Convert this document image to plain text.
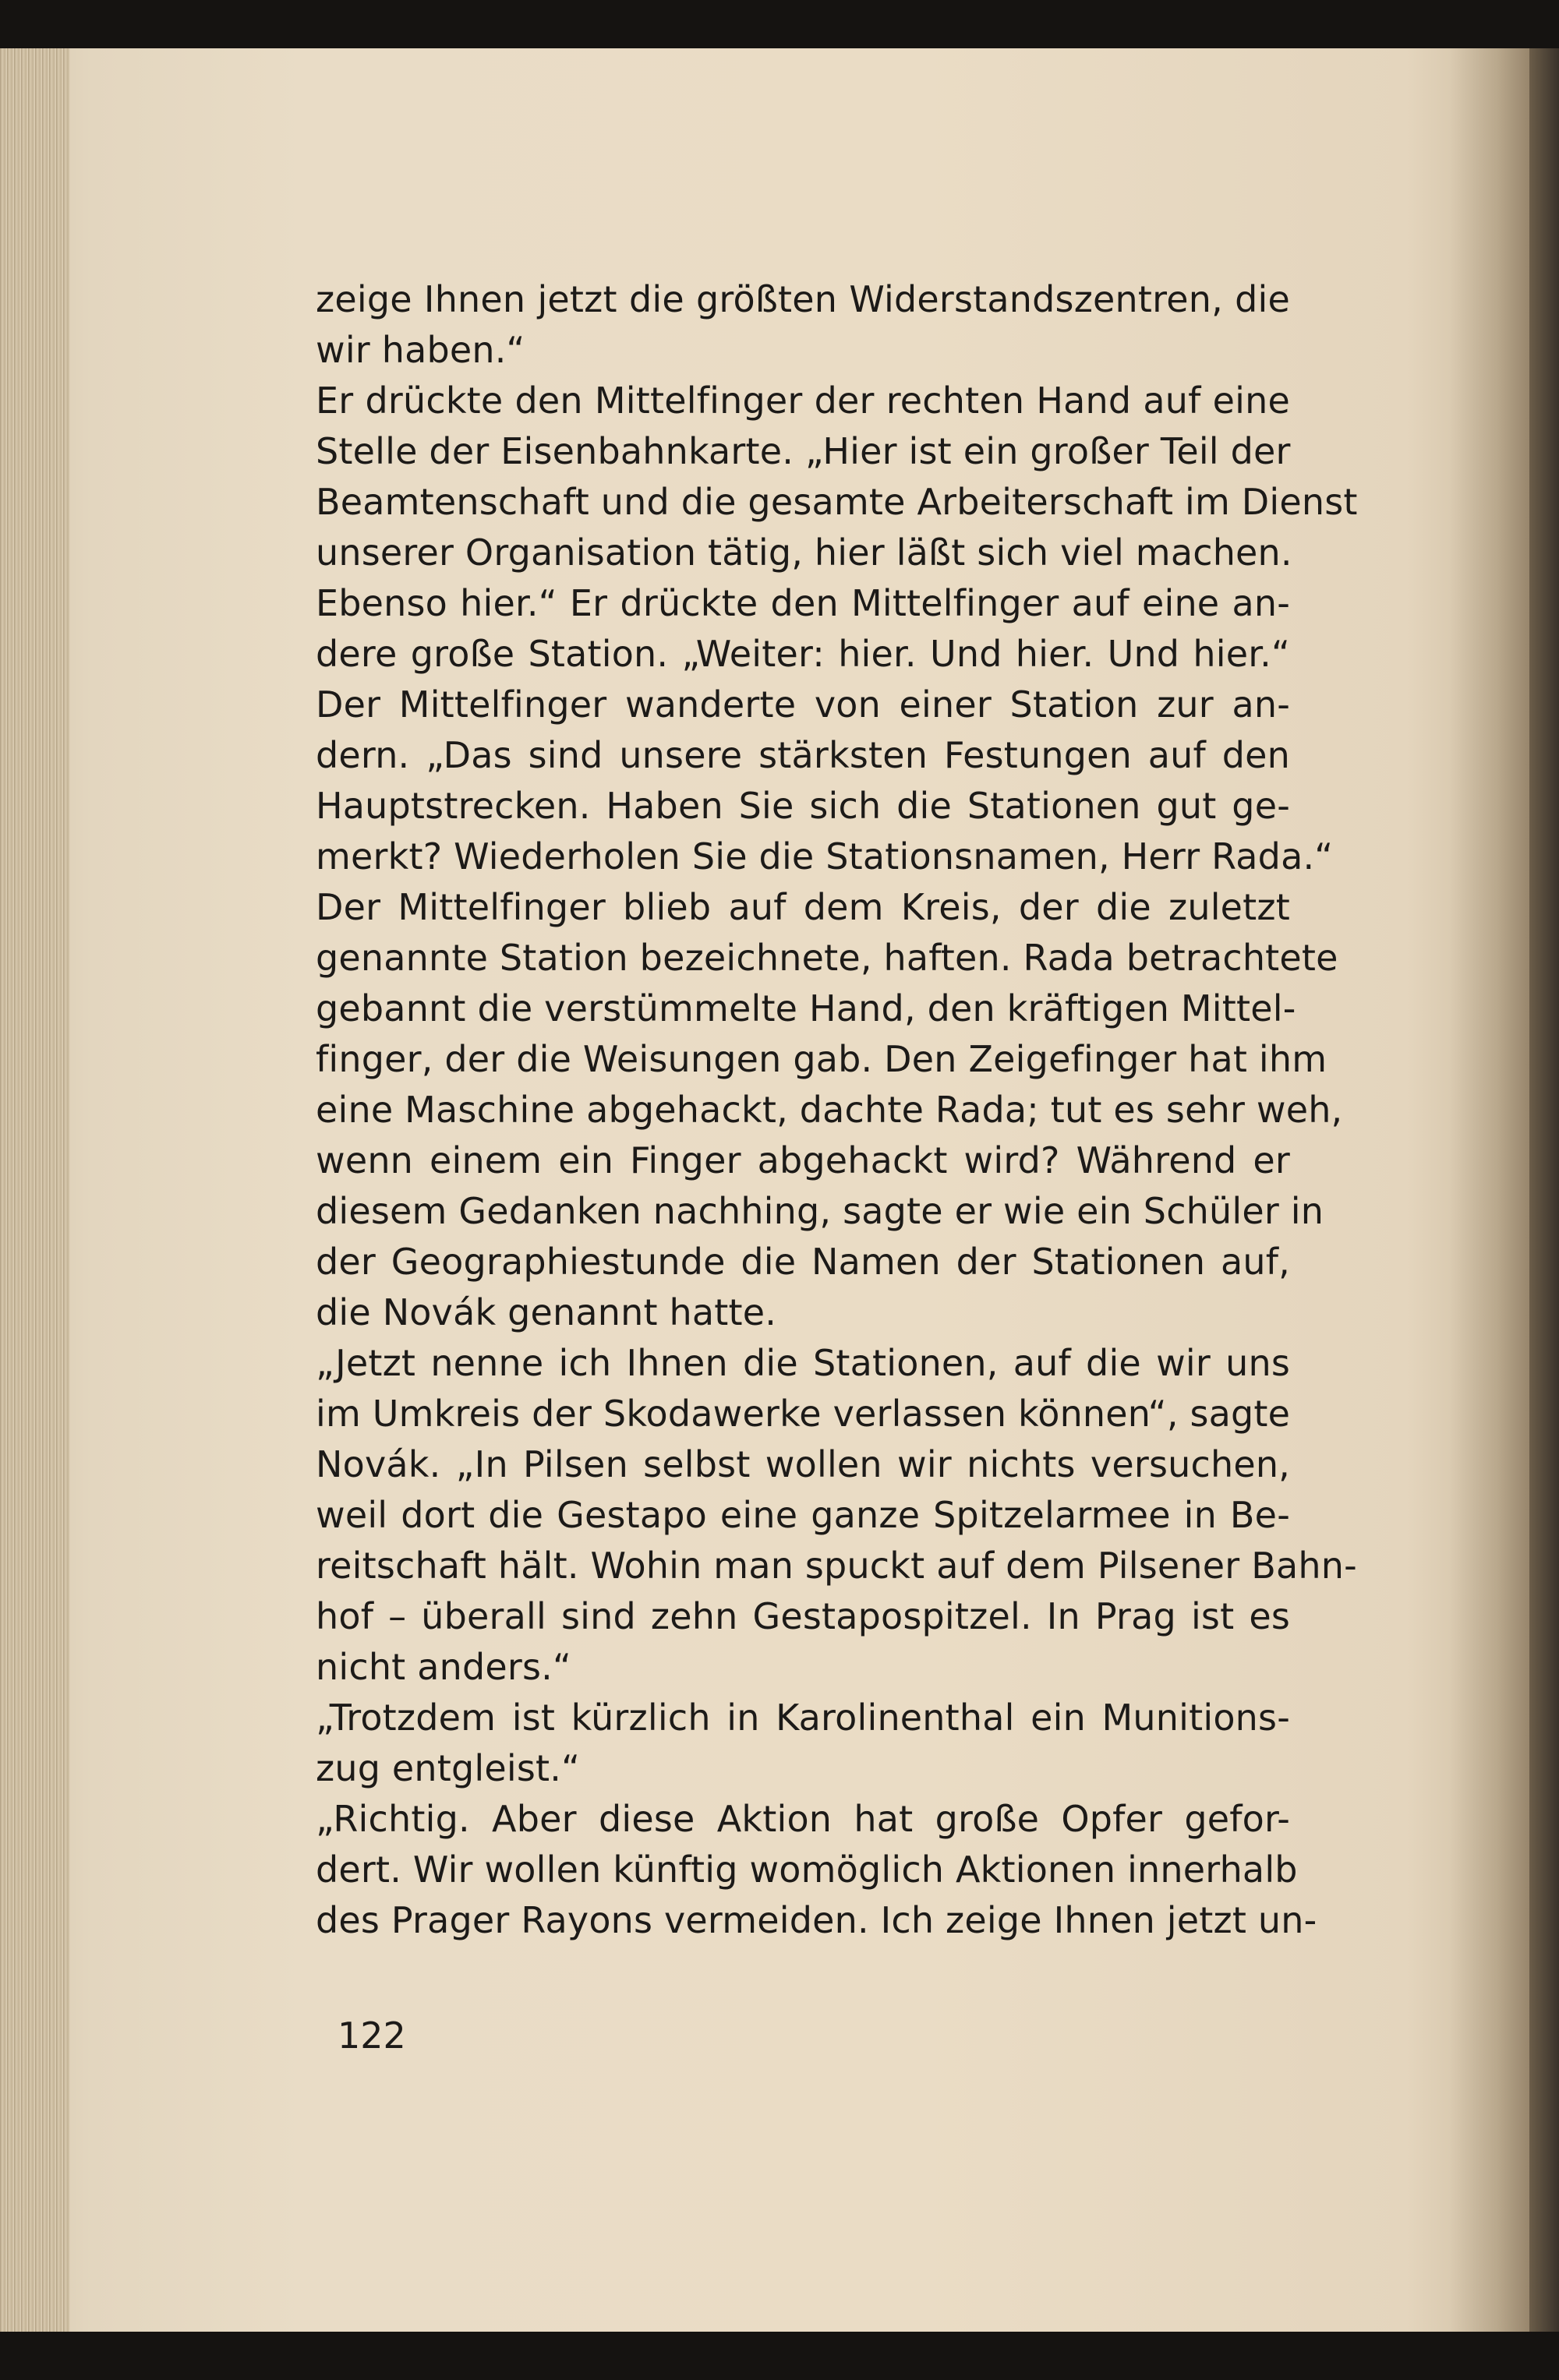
zeige Ihnen jetzt die größten Widerstandszentren, die
wir haben.“
Er drückte den Mittelfinger der rechten Hand auf eine
Stelle der Eisenbahnkarte. „Hier ist ein großer Teil der
Beamtenschaft und die gesamte Arbeiterschaft im Dienst
unserer Organisation tätig, hier läßt sich viel machen.
Ebenso hier.“ Er drückte den Mittelfinger auf eine an-
dere große Station. „Weiter: hier. Und hier. Und hier.“
Der Mittelfinger wanderte von einer Station zur an-
dern. „Das sind unsere stärksten Festungen auf den
Hauptstrecken. Haben Sie sich die Stationen gut ge-
merkt? Wiederholen Sie die Stationsnamen, Herr Rada.“
Der Mittelfinger blieb auf dem Kreis, der die zuletzt
genannte Station bezeichnete, haften. Rada betrachtete
gebannt die verstümmelte Hand, den kräftigen Mittel-
finger, der die Weisungen gab. Den Zeigefinger hat ihm
eine Maschine abgehackt, dachte Rada; tut es sehr weh,
wenn einem ein Finger abgehackt wird? Während er
diesem Gedanken nachhing, sagte er wie ein Schüler in
der Geographiestunde die Namen der Stationen auf,
die Novák genannt hatte.
„Jetzt nenne ich Ihnen die Stationen, auf die wir uns
im Umkreis der Skodawerke verlassen können“, sagte
Novák. „In Pilsen selbst wollen wir nichts versuchen,
weil dort die Gestapo eine ganze Spitzelarmee in Be-
reitschaft hält. Wohin man spuckt auf dem Pilsener Bahn-
hof – überall sind zehn Gestapospitzel. In Prag ist es
nicht anders.“
„Trotzdem ist kürzlich in Karolinenthal ein Munitions-
zug entgleist.“
„Richtig. Aber diese Aktion hat große Opfer gefor-
dert. Wir wollen künftig womöglich Aktionen innerhalb
des Prager Rayons vermeiden. Ich zeige Ihnen jetzt un-
122
